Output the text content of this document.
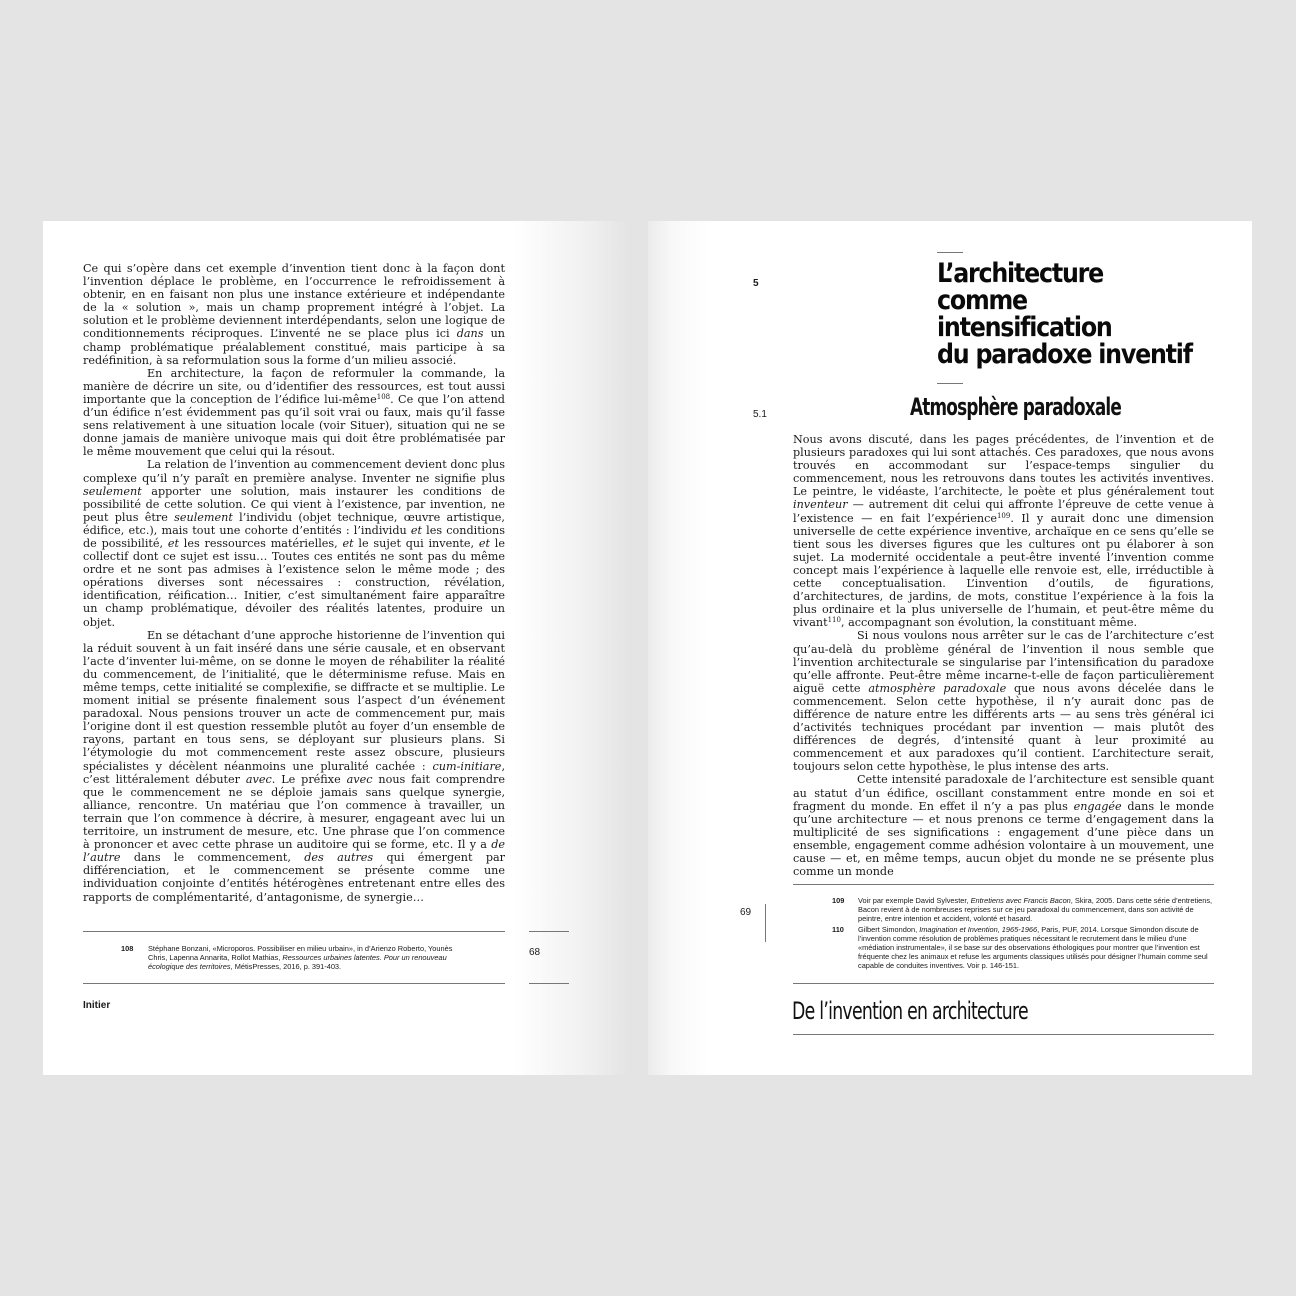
Ce qui s’opère dans cet exemple d’invention tient donc à la façon dont l’invention déplace le problème, en l’occurrence le refroidissement à obtenir, en en faisant non plus une instance extérieure et indépendante de la « solution », mais un champ proprement intégré à l’objet. La solution et le problème deviennent interdépendants, selon une logique de conditionnements réciproques. L’inventé ne se place plus ici dans un champ problématique préalablement constitué, mais participe à sa redéfinition, à sa reformulation sous la forme d’un milieu associé.

En architecture, la façon de reformuler la commande, la manière de décrire un site, ou d’identifier des ressources, est tout aussi importante que la conception de l’édifice lui-même$^{108}$. Ce que l’on attend d’un édifice n’est évidemment pas qu’il soit vrai ou faux, mais qu’il fasse sens relativement à une situation locale (voir Situer), situation qui ne se donne jamais de manière univoque mais qui doit être problématisée par le même mouvement que celui qui la résout.

La relation de l’invention au commencement devient donc plus complexe qu’il n’y paraît en première analyse. Inventer ne signifie plus seulement apporter une solution, mais instaurer les conditions de possibilité de cette solution. Ce qui vient à l’existence, par invention, ne peut plus être seulement l’individu (objet technique, œuvre artistique, édifice, etc.), mais tout une cohorte d’entités : l’individu et les conditions de possibilité, et les ressources matérielles, et le sujet qui invente, et le collectif dont ce sujet est issu… Toutes ces entités ne sont pas du même ordre et ne sont pas admises à l’existence selon le même mode ; des opérations diverses sont nécessaires : construction, révélation, identification, réification… Initier, c’est simultanément faire apparaître un champ problématique, dévoiler des réalités latentes, produire un objet.

En se détachant d’une approche historienne de l’invention qui la réduit souvent à un fait inséré dans une série causale, et en observant l’acte d’inventer lui-même, on se donne le moyen de réhabiliter la réalité du commencement, de l’initialité, que le déterminisme refuse. Mais en même temps, cette initialité se complexifie, se diffracte et se multiplie. Le moment initial se présente finalement sous l’aspect d’un événement paradoxal. Nous pensions trouver un acte de commencement pur, mais l’origine dont il est question ressemble plutôt au foyer d’un ensemble de rayons, partant en tous sens, se déployant sur plusieurs plans. Si l’étymologie du mot commencement reste assez obscure, plusieurs spécialistes y décèlent néanmoins une pluralité cachée : cum-initiare, c’est littéralement débuter avec. Le préfixe avec nous fait comprendre que le commencement ne se déploie jamais sans quelque synergie, alliance, rencontre. Un matériau que l’on commence à travailler, un terrain que l’on commence à décrire, à mesurer, engageant avec lui un territoire, un instrument de mesure, etc. Une phrase que l’on commence à prononcer et avec cette phrase un auditoire qui se forme, etc. Il y a de l’autre dans le commencement, des autres qui émergent par différenciation, et le commencement se présente comme une individuation conjointe d’entités hétérogènes entretenant entre elles des rapports de complémentarité, d’antagonisme, de synergie…

108 Stéphane Bonzani, «Microporos. Possibiliser en milieu urbain», in d’Arienzo Roberto, Younès Chris, Lapenna Annarita, Rollot Mathias, Ressources urbaines latentes. Pour un renouveau écologique des territoires, MétisPresses, 2016, p. 391-403.
68
Initier
5	L’architecture
comme
intensification
du paradoxe inventif
5.1	Atmosphère paradoxale

Nous avons discuté, dans les pages précédentes, de l’invention et de plusieurs paradoxes qui lui sont attachés. Ces paradoxes, que nous avons trouvés en accommodant sur l’espace-temps singulier du commencement, nous les retrouvons dans toutes les activités inventives. Le peintre, le vidéaste, l’architecte, le poète et plus généralement tout inventeur — autrement dit celui qui affronte l’épreuve de cette venue à l’existence — en fait l’expérience$^{109}$. Il y aurait donc une dimension universelle de cette expérience inventive, archaïque en ce sens qu’elle se tient sous les diverses figures que les cultures ont pu élaborer à son sujet. La modernité occidentale a peut-être inventé l’invention comme concept mais l’expérience à laquelle elle renvoie est, elle, irréductible à cette conceptualisation. L’invention d’outils, de figurations, d’architectures, de jardins, de mots, constitue l’expérience à la fois la plus ordinaire et la plus universelle de l’humain, et peut-être même du vivant$^{110}$, accompagnant son évolution, la constituant même.

Si nous voulons nous arrêter sur le cas de l’architecture c’est qu’au-delà du problème général de l’invention il nous semble que l’invention architecturale se singularise par l’intensification du paradoxe qu’elle affronte. Peut-être même incarne-t-elle de façon particulièrement aiguë cette atmosphère paradoxale que nous avons décelée dans le commencement. Selon cette hypothèse, il n’y aurait donc pas de différence de nature entre les différents arts — au sens très général ici d’activités techniques procédant par invention — mais plutôt des différences de degrés, d’intensité quant à leur proximité au commencement et aux paradoxes qu’il contient. L’architecture serait, toujours selon cette hypothèse, le plus intense des arts.

Cette intensité paradoxale de l’architecture est sensible quant au statut d’un édifice, oscillant constamment entre monde en soi et fragment du monde. En effet il n’y a pas plus engagée dans le monde qu’une architecture — et nous prenons ce terme d’engagement dans la multiplicité de ses significations : engagement d’une pièce dans un ensemble, engagement comme adhésion volontaire à un mouvement, une cause — et, en même temps, aucun objet du monde ne se présente plus comme un monde

69
109 Voir par exemple David Sylvester, Entretiens avec Francis Bacon, Skira, 2005. Dans cette série d’entretiens, Bacon revient à de nombreuses reprises sur ce jeu paradoxal du commencement, dans son activité de peintre, entre intention et accident, volonté et hasard.
110 Gilbert Simondon, Imagination et Invention, 1965-1966, Paris, PUF, 2014. Lorsque Simondon discute de l’invention comme résolution de problèmes pratiques nécessitant le recrutement dans le milieu d’une «médiation instrumentale», il se base sur des observations éthologiques pour montrer que l’invention est fréquente chez les animaux et refuse les arguments classiques utilisés pour désigner l’humain comme seul capable de conduites inventives. Voir p. 146-151.
De l’invention en architecture
